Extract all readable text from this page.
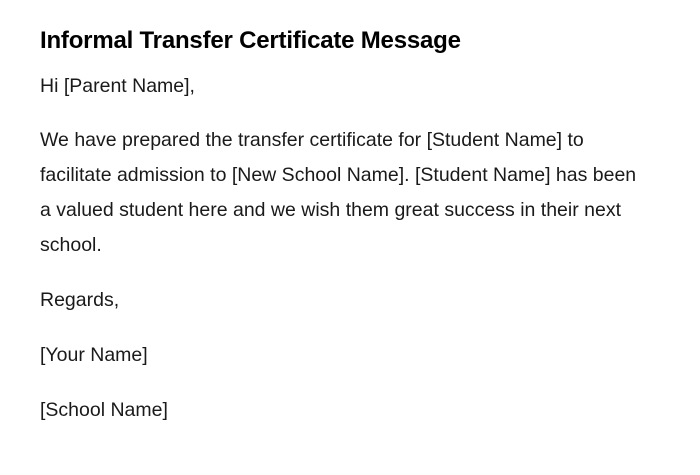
Informal Transfer Certificate Message

Hi [Parent Name],

We have prepared the transfer certificate for [Student Name] to facilitate admission to [New School Name]. [Student Name] has been a valued student here and we wish them great success in their next school.

Regards,

[Your Name]

[School Name]
